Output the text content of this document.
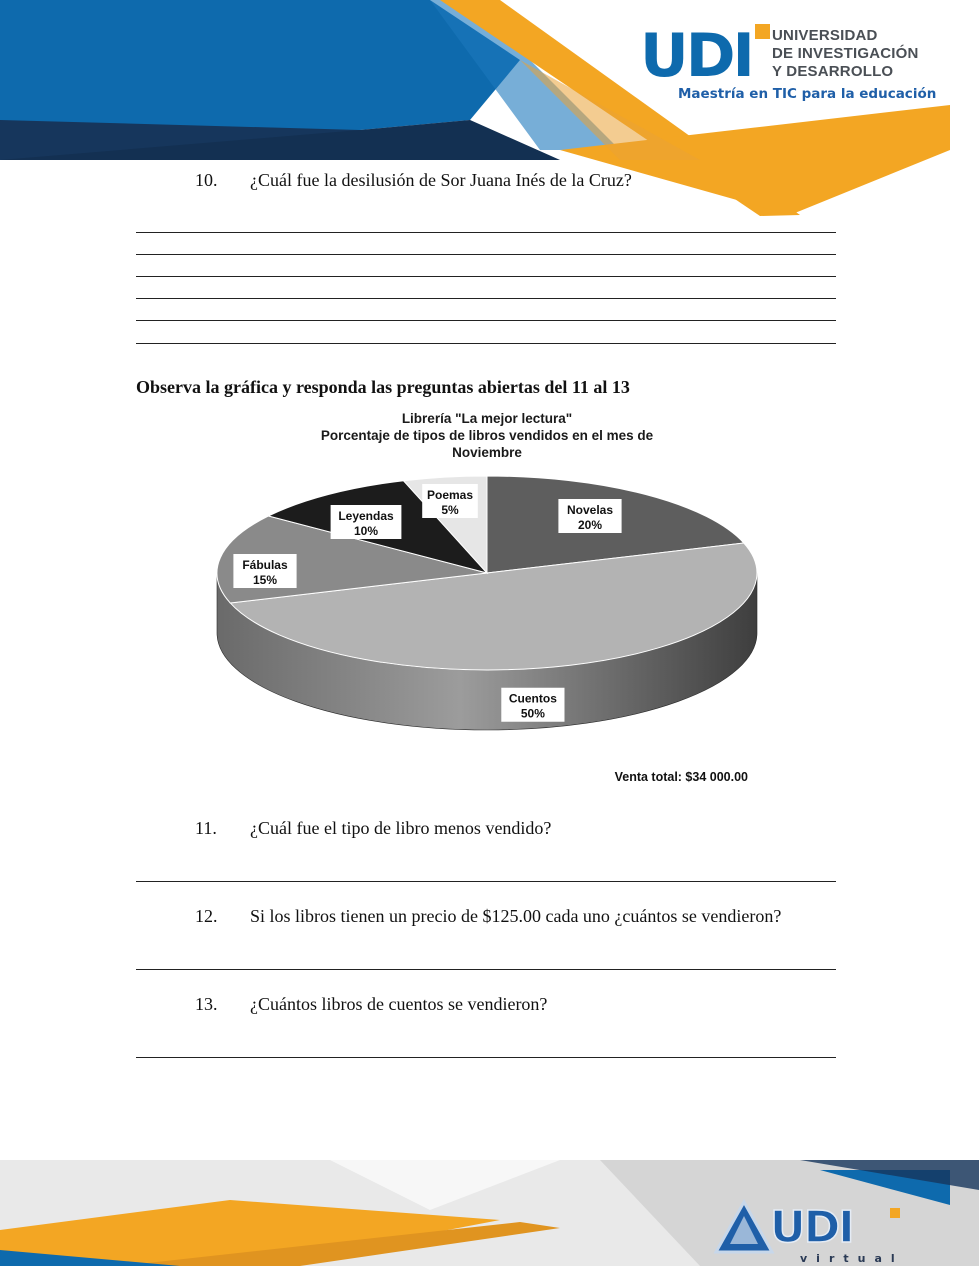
UDI UNIVERSIDAD
DE INVESTIGACIÓN
Y DESARROLLO
Maestría en TIC para la educación
10. ¿Cuál fue la desilusión de Sor Juana Inés de la Cruz?
Observa la gráfica y responda las preguntas abiertas del 11 al 13
Librería "La mejor lectura"
Porcentaje de tipos de libros vendidos en el mes de
Noviembre
Novelas
20%
Cuentos
50%
Fábulas
15%
Leyendas
10%
Poemas
5%
Venta total: $34 000.00
11. ¿Cuál fue el tipo de libro menos vendido?
12. Si los libros tienen un precio de $125.00 cada uno ¿cuántos se vendieron?
13. ¿Cuántos libros de cuentos se vendieron?
UDI
virtual
